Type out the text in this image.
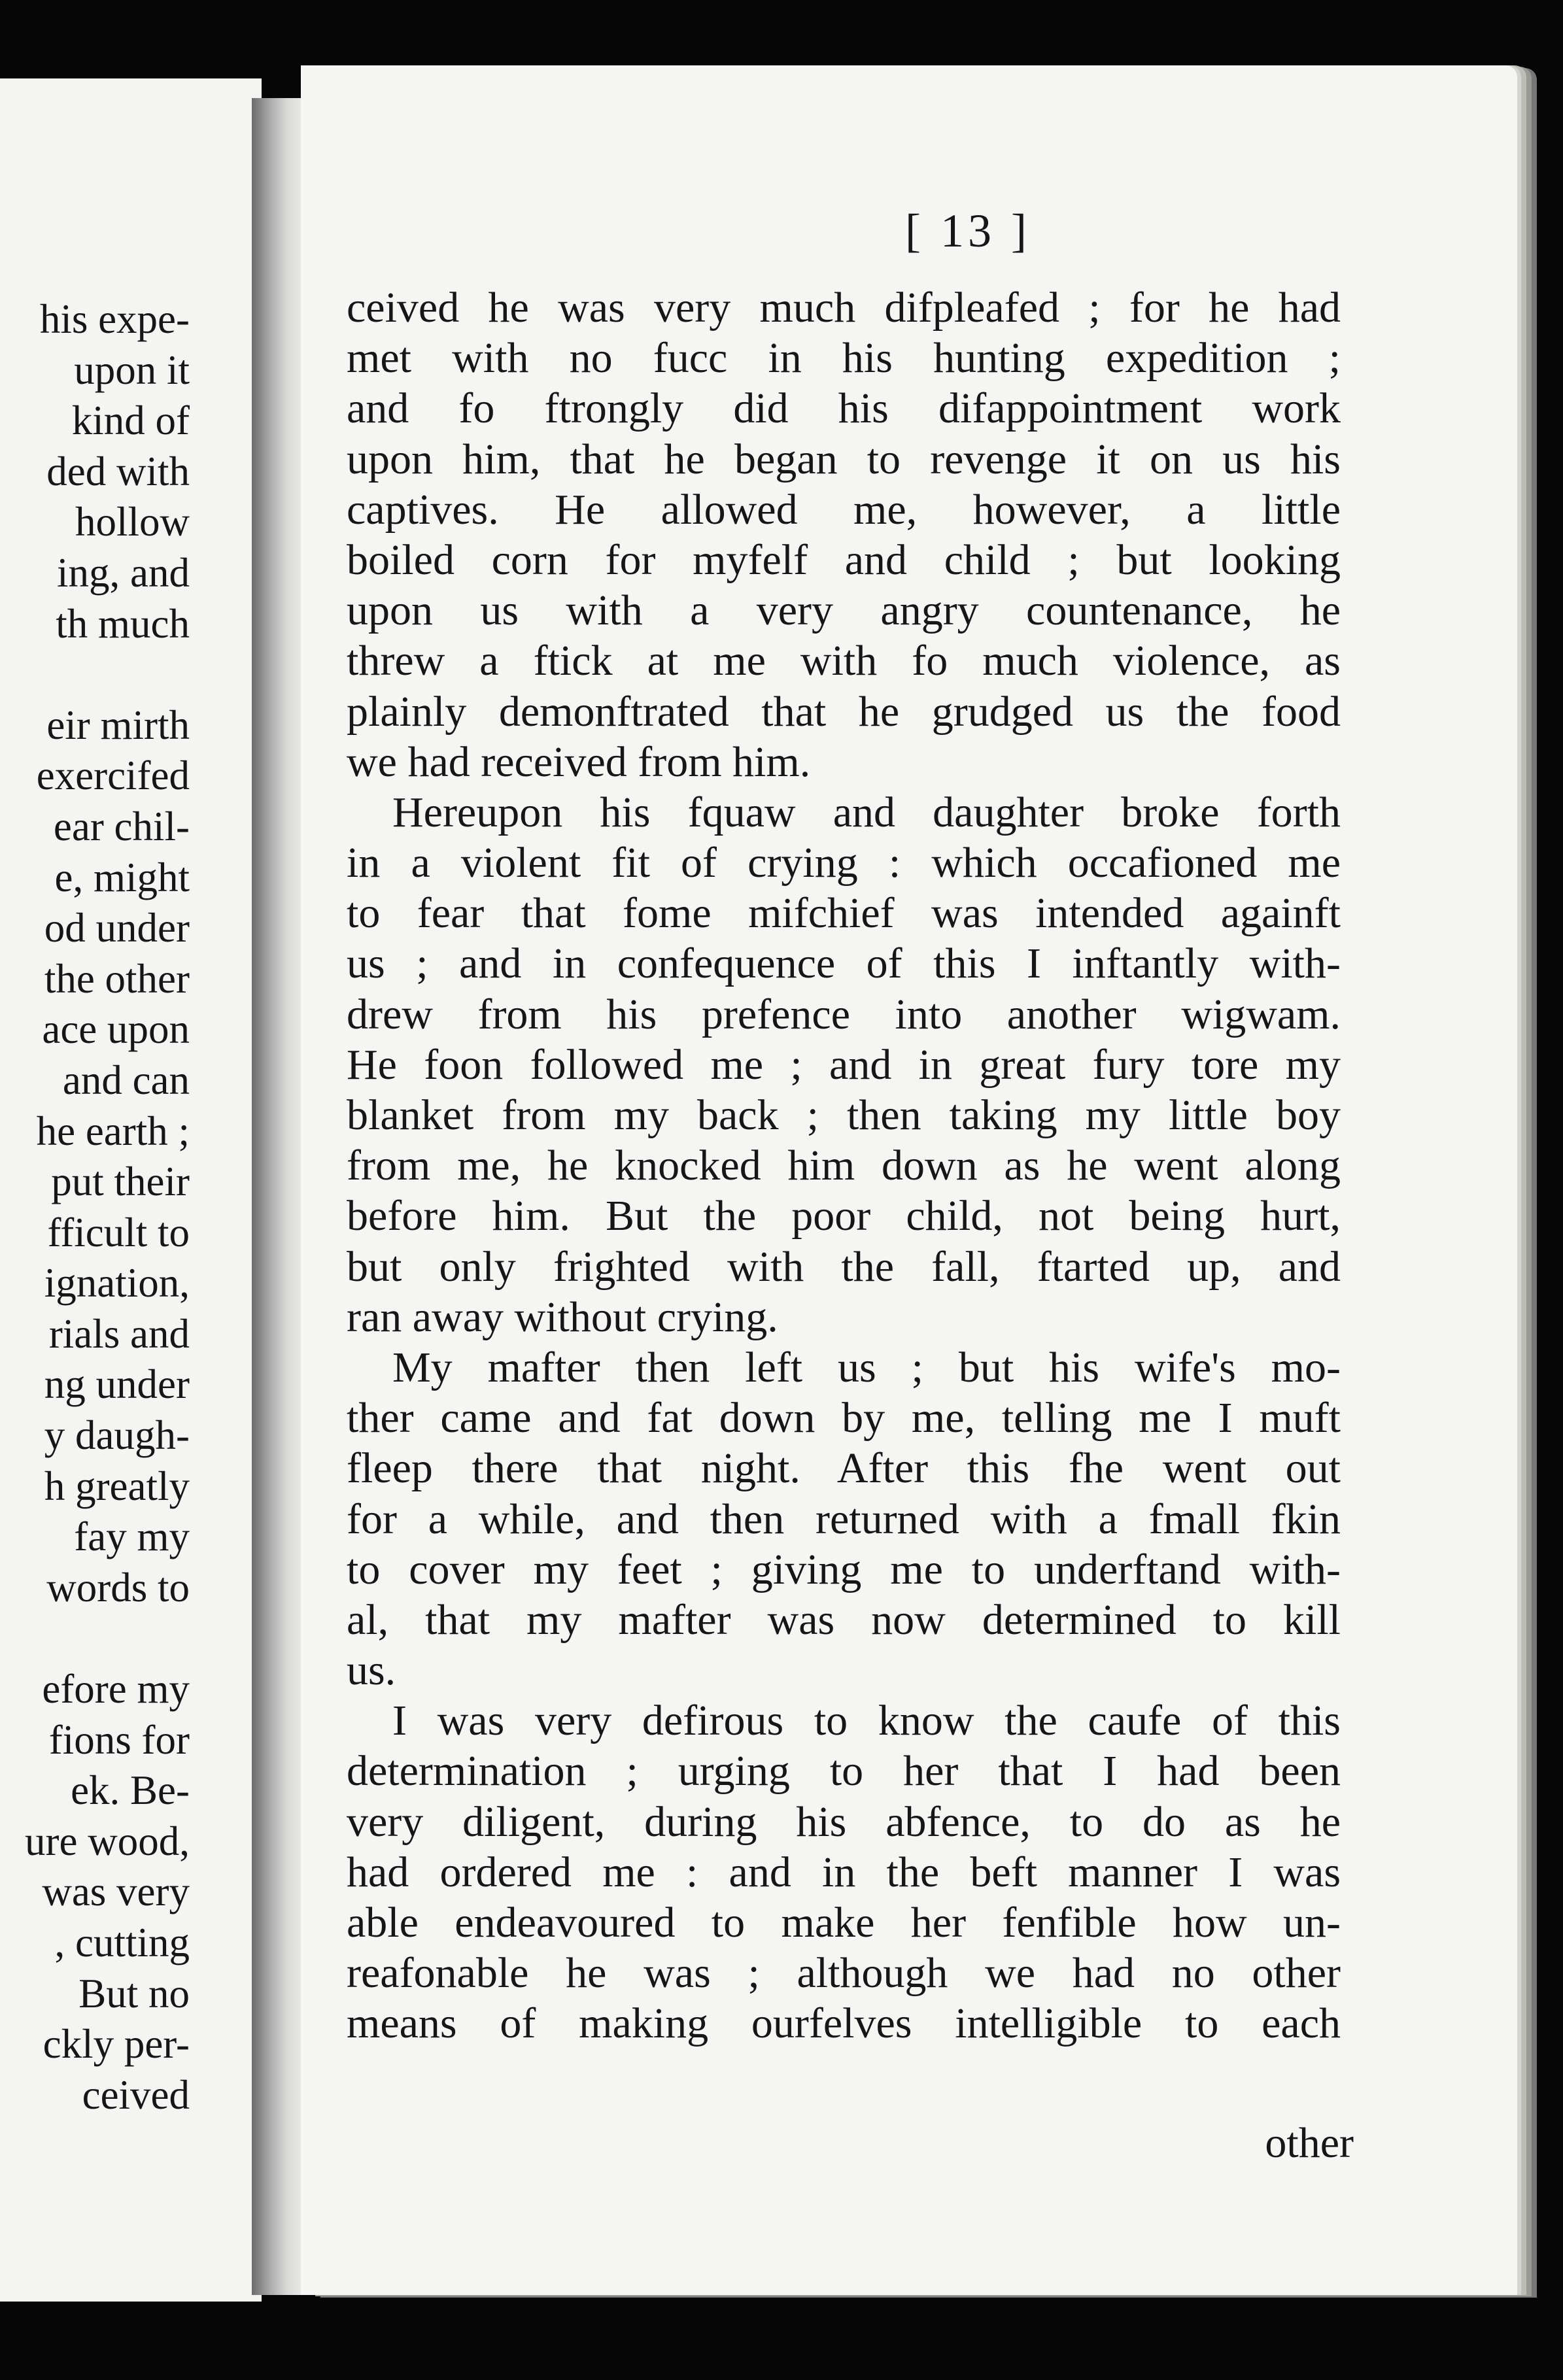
his expe-
upon it
kind of
ded with
hollow
ing, and
th much

eir mirth
exercifed
ear chil-
e, might
od under
the other
ace upon
and can
he earth ;
put their
fficult to
ignation,
rials and
ng under
y daugh-
h greatly
fay my
words to

efore my
fions for
ek. Be-
ure wood,
was very
, cutting
But no
ckly per-
ceived
[ 13 ]
ceived he was very much difpleafed ; for he had
met with no fucc in his hunting expedition ;
and fo ftrongly did his difappointment work
upon him, that he began to revenge it on us his
captives. He allowed me, however, a little
boiled corn for myfelf and child ; but looking
upon us with a very angry countenance, he
threw a ftick at me with fo much violence, as
plainly demonftrated that he grudged us the food
we had received from him.
Hereupon his fquaw and daughter broke forth
in a violent fit of crying : which occafioned me
to fear that fome mifchief was intended againft
us ; and in confequence of this I inftantly with-
drew from his prefence into another wigwam.
He foon followed me ; and in great fury tore my
blanket from my back ; then taking my little boy
from me, he knocked him down as he went along
before him. But the poor child, not being hurt,
but only frighted with the fall, ftarted up, and
ran away without crying.
My mafter then left us ; but his wife's mo-
ther came and fat down by me, telling me I muft
fleep there that night. After this fhe went out
for a while, and then returned with a fmall fkin
to cover my feet ; giving me to underftand with-
al, that my mafter was now determined to kill
us.
I was very defirous to know the caufe of this
determination ; urging to her that I had been
very diligent, during his abfence, to do as he
had ordered me : and in the beft manner I was
able endeavoured to make her fenfible how un-
reafonable he was ; although we had no other
means of making ourfelves intelligible to each
other
